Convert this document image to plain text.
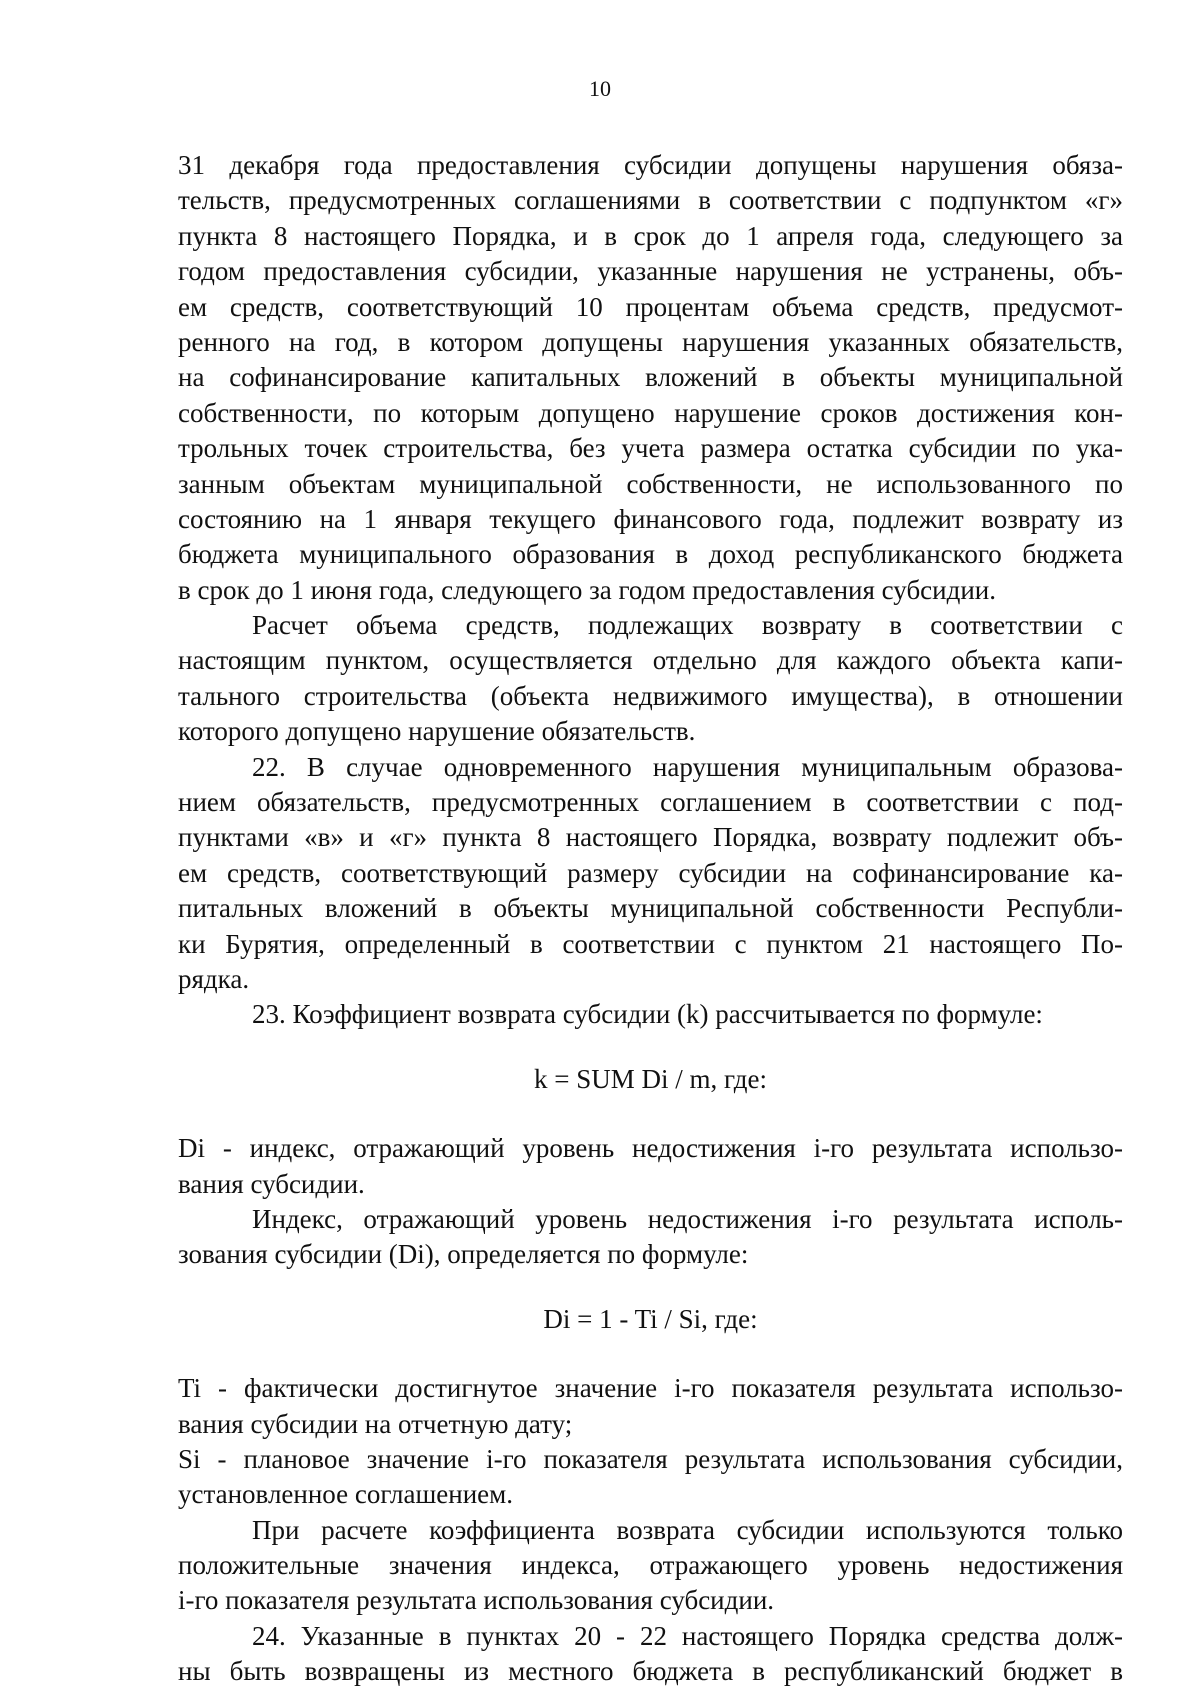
10
31 декабря года предоставления субсидии допущены нарушения обяза-
тельств, предусмотренных соглашениями в соответствии с подпунктом «г»
пункта 8 настоящего Порядка, и в срок до 1 апреля года, следующего за
годом предоставления субсидии, указанные нарушения не устранены, объ-
ем средств, соответствующий 10 процентам объема средств, предусмот-
ренного на год, в котором допущены нарушения указанных обязательств,
на софинансирование капитальных вложений в объекты муниципальной
собственности, по которым допущено нарушение сроков достижения кон-
трольных точек строительства, без учета размера остатка субсидии по ука-
занным объектам муниципальной собственности, не использованного по
состоянию на 1 января текущего финансового года, подлежит возврату из
бюджета муниципального образования в доход республиканского бюджета
в срок до 1 июня года, следующего за годом предоставления субсидии.
Расчет объема средств, подлежащих возврату в соответствии с
настоящим пунктом, осуществляется отдельно для каждого объекта капи-
тального строительства (объекта недвижимого имущества), в отношении
которого допущено нарушение обязательств.
22. В случае одновременного нарушения муниципальным образова-
нием обязательств, предусмотренных соглашением в соответствии с под-
пунктами «в» и «г» пункта 8 настоящего Порядка, возврату подлежит объ-
ем средств, соответствующий размеру субсидии на софинансирование ка-
питальных вложений в объекты муниципальной собственности Республи-
ки Бурятия, определенный в соответствии с пунктом 21 настоящего По-
рядка.
23. Коэффициент возврата субсидии (k) рассчитывается по формуле:
k = SUM Di / m, где:
Di - индекс, отражающий уровень недостижения i-го результата использо-
вания субсидии.
Индекс, отражающий уровень недостижения i-го результата исполь-
зования субсидии (Di), определяется по формуле:
Di = 1 - Ti / Si, где:
Ti - фактически достигнутое значение i-го показателя результата использо-
вания субсидии на отчетную дату;
Si - плановое значение i-го показателя результата использования субсидии,
установленное соглашением.
При расчете коэффициента возврата субсидии используются только
положительные значения индекса, отражающего уровень недостижения
i-го показателя результата использования субсидии.
24. Указанные в пунктах 20 - 22 настоящего Порядка средства долж-
ны быть возвращены из местного бюджета в республиканский бюджет в
